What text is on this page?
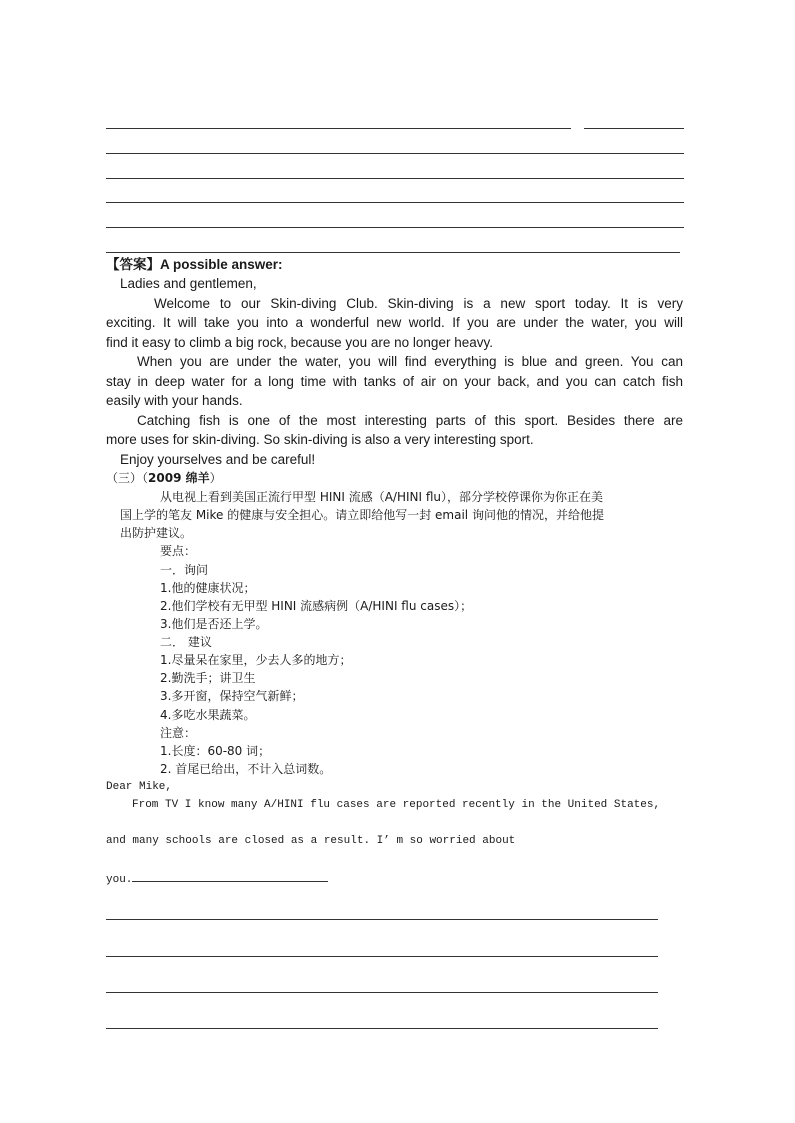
【答案】A possible answer:
Ladies and gentlemen,
Welcome to our Skin-diving Club. Skin-diving is a new sport today. It is very
exciting. It will take you into a wonderful new world. If you are under the water, you will
find it easy to climb a big rock, because you are no longer heavy.
When you are under the water, you will find everything is blue and green. You can
stay in deep water for a long time with tanks of air on your back, and you can catch fish
easily with your hands.
Catching fish is one of the most interesting parts of this sport. Besides there are
more uses for skin-diving. So skin-diving is also a very interesting sport.
Enjoy yourselves and be careful!
（三）（2009 绵羊）
从电视上看到美国正流行甲型 HINI 流感（A/HINI flu），部分学校停课你为你正在美
国上学的笔友 Mike 的健康与安全担心。请立即给他写一封 email 询问他的情况，并给他提
出防护建议。
要点：
一．询问
1.他的健康状况；
2.他们学校有无甲型 HINI 流感病例（A/HINI flu cases）；
3.他们是否还上学。
二． 建议
1.尽量呆在家里，少去人多的地方；
2.勤洗手；讲卫生
3.多开窗，保持空气新鲜；
4.多吃水果蔬菜。
注意：
1.长度：60-80 词；
2. 首尾已给出，不计入总词数。
Dear Mike,
From TV I know many A/HINI flu cases are reported recently in the United States,
and many schools are closed as a result. I’ m so worried about
you.
